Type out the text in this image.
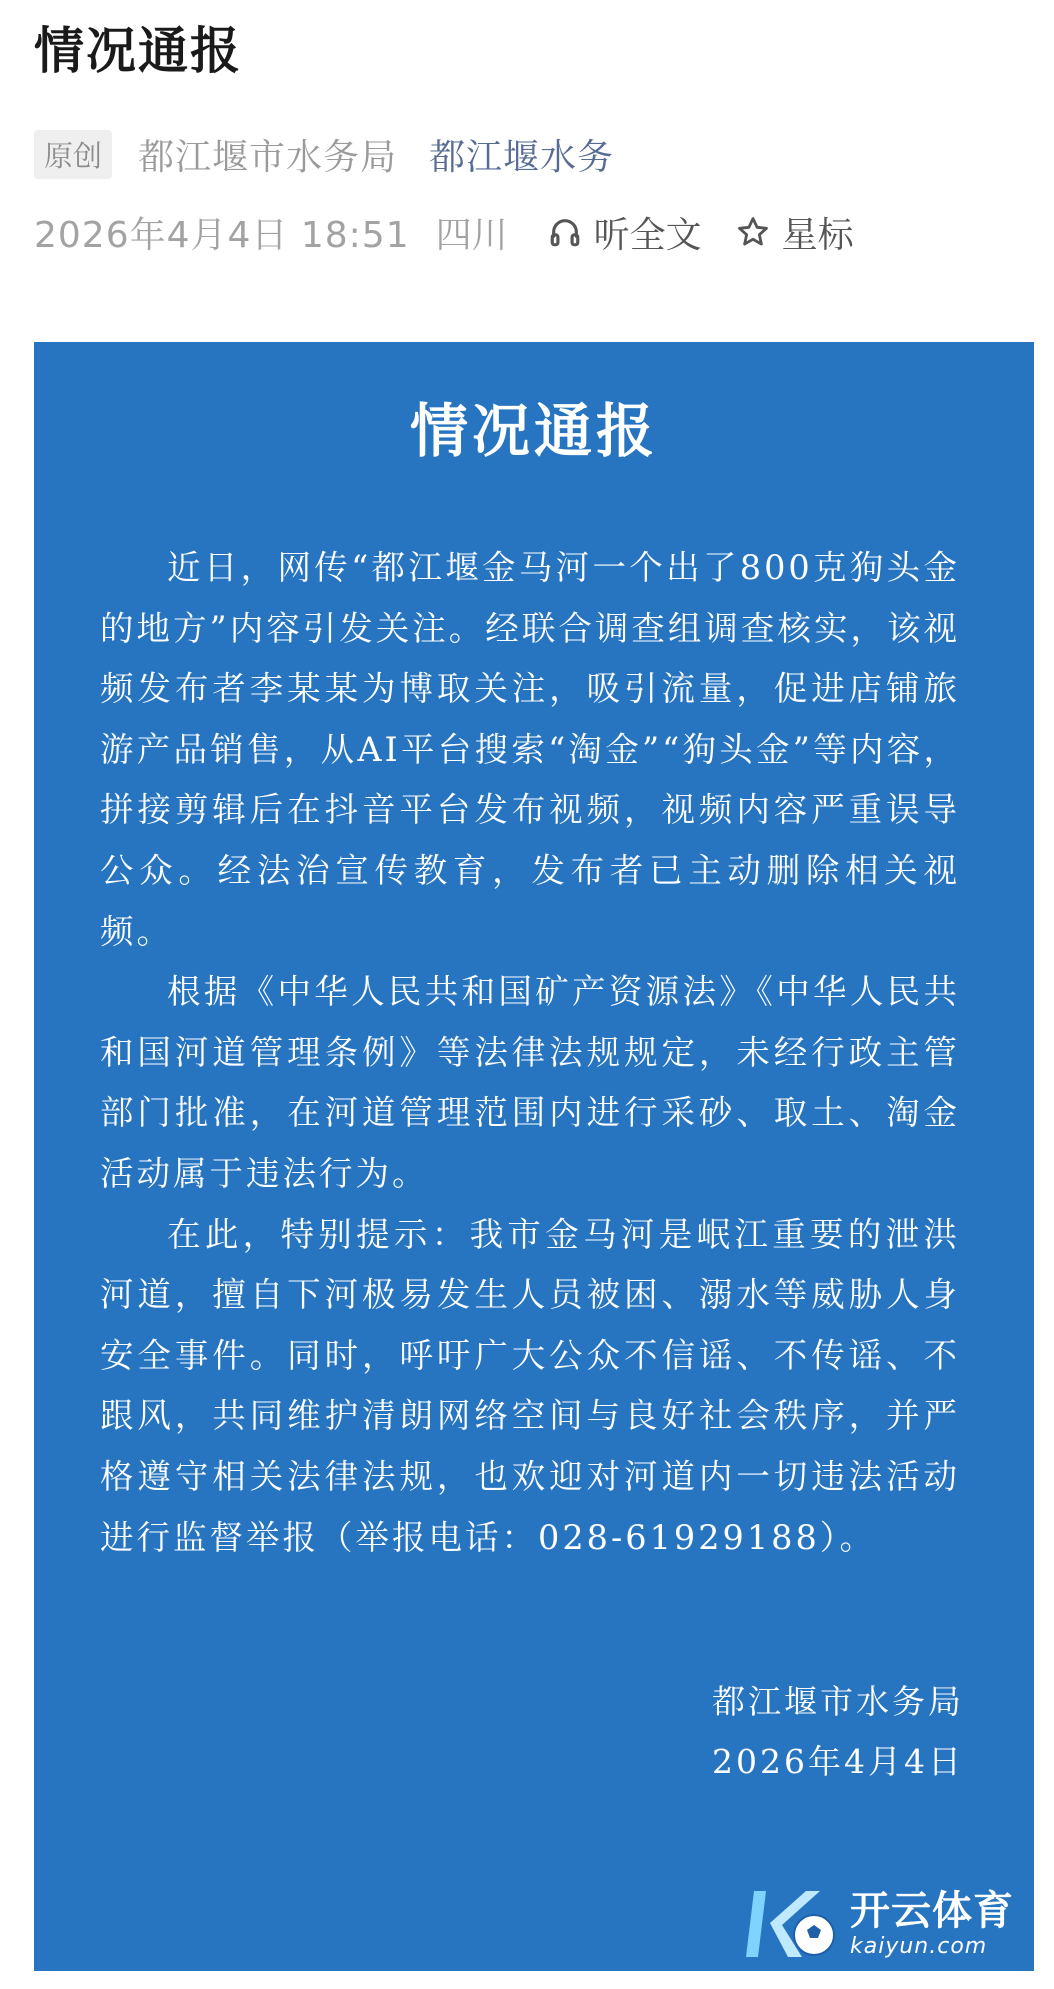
情况通报
原创 都江堰市水务局 都江堰水务
2026年4月4日 18:51 四川 听全文 星标
情况通报

近日，网传“都江堰金马河一个出了800克狗头金的地方”内容引发关注。经联合调查组调查核实，该视频发布者李某某为博取关注，吸引流量，促进店铺旅游产品销售，从AI平台搜索“淘金”“狗头金”等内容，拼接剪辑后在抖音平台发布视频，视频内容严重误导公众。经法治宣传教育，发布者已主动删除相关视频。

根据《中华人民共和国矿产资源法》《中华人民共和国河道管理条例》等法律法规规定，未经行政主管部门批准，在河道管理范围内进行采砂、取土、淘金活动属于违法行为。

在此，特别提示：我市金马河是岷江重要的泄洪河道，擅自下河极易发生人员被困、溺水等威胁人身安全事件。同时，呼吁广大公众不信谣、不传谣、不跟风，共同维护清朗网络空间与良好社会秩序，并严格遵守相关法律法规，也欢迎对河道内一切违法活动进行监督举报（举报电话：028-61929188）。

都江堰市水务局
2026年4月4日
开云体育
kaiyun.com
